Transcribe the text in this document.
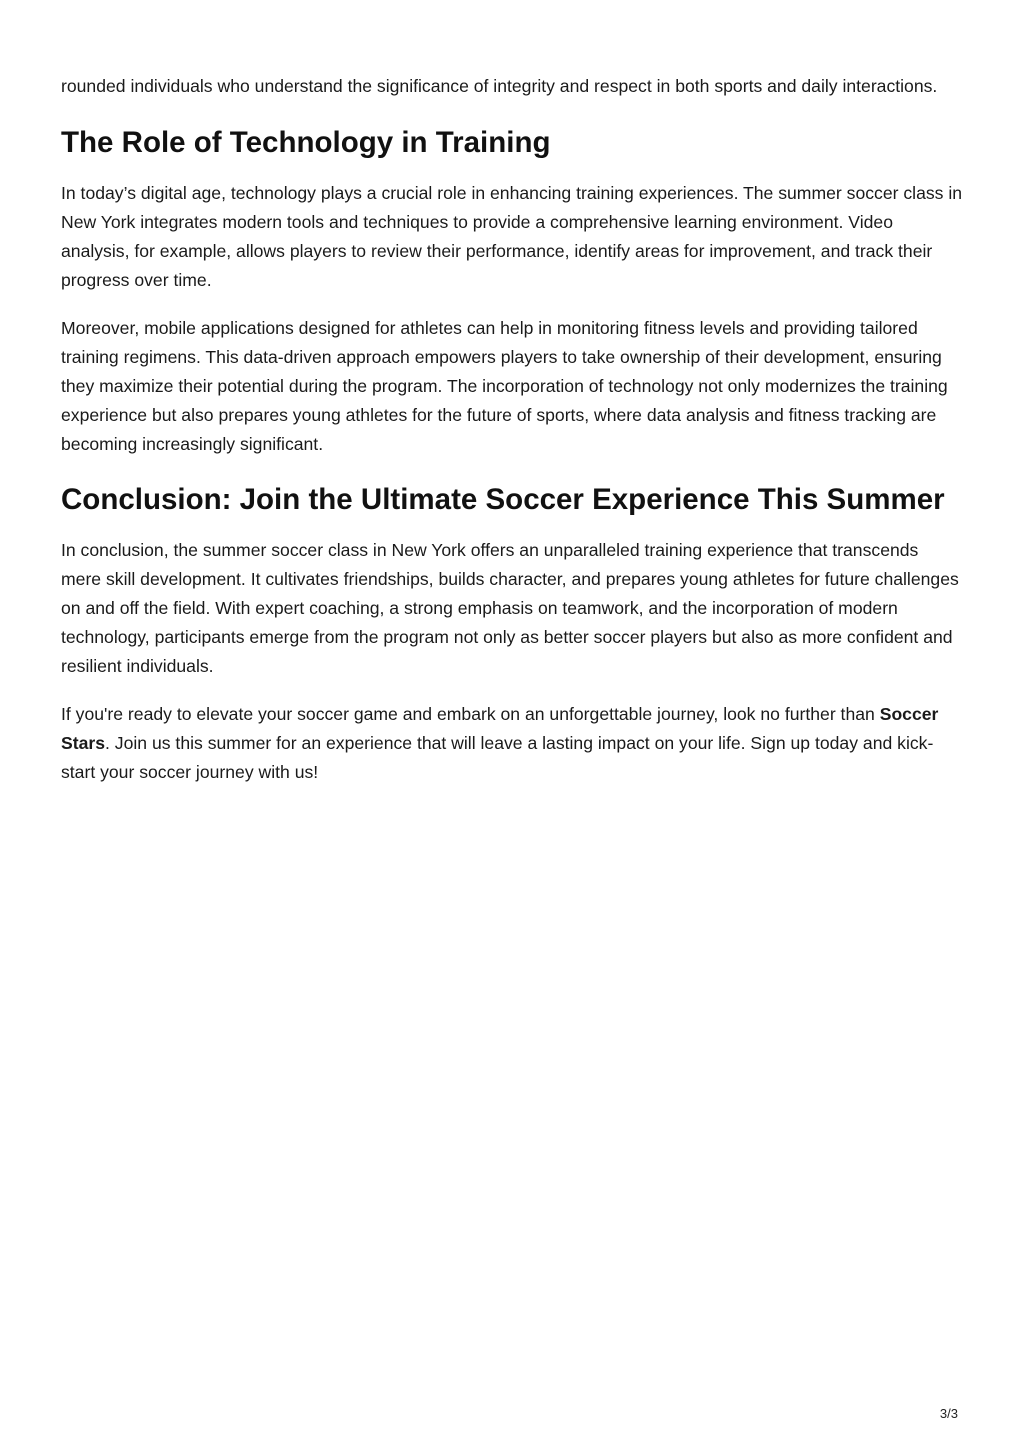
rounded individuals who understand the significance of integrity and respect in both sports and daily interactions.

The Role of Technology in Training

In today’s digital age, technology plays a crucial role in enhancing training experiences. The summer soccer class in New York integrates modern tools and techniques to provide a comprehensive learning environment. Video analysis, for example, allows players to review their performance, identify areas for improvement, and track their progress over time.

Moreover, mobile applications designed for athletes can help in monitoring fitness levels and providing tailored training regimens. This data-driven approach empowers players to take ownership of their development, ensuring they maximize their potential during the program. The incorporation of technology not only modernizes the training experience but also prepares young athletes for the future of sports, where data analysis and fitness tracking are becoming increasingly significant.

Conclusion: Join the Ultimate Soccer Experience This Summer

In conclusion, the summer soccer class in New York offers an unparalleled training experience that transcends mere skill development. It cultivates friendships, builds character, and prepares young athletes for future challenges on and off the field. With expert coaching, a strong emphasis on teamwork, and the incorporation of modern technology, participants emerge from the program not only as better soccer players but also as more confident and resilient individuals.

If you're ready to elevate your soccer game and embark on an unforgettable journey, look no further than Soccer Stars. Join us this summer for an experience that will leave a lasting impact on your life. Sign up today and kick-start your soccer journey with us!

3/3
